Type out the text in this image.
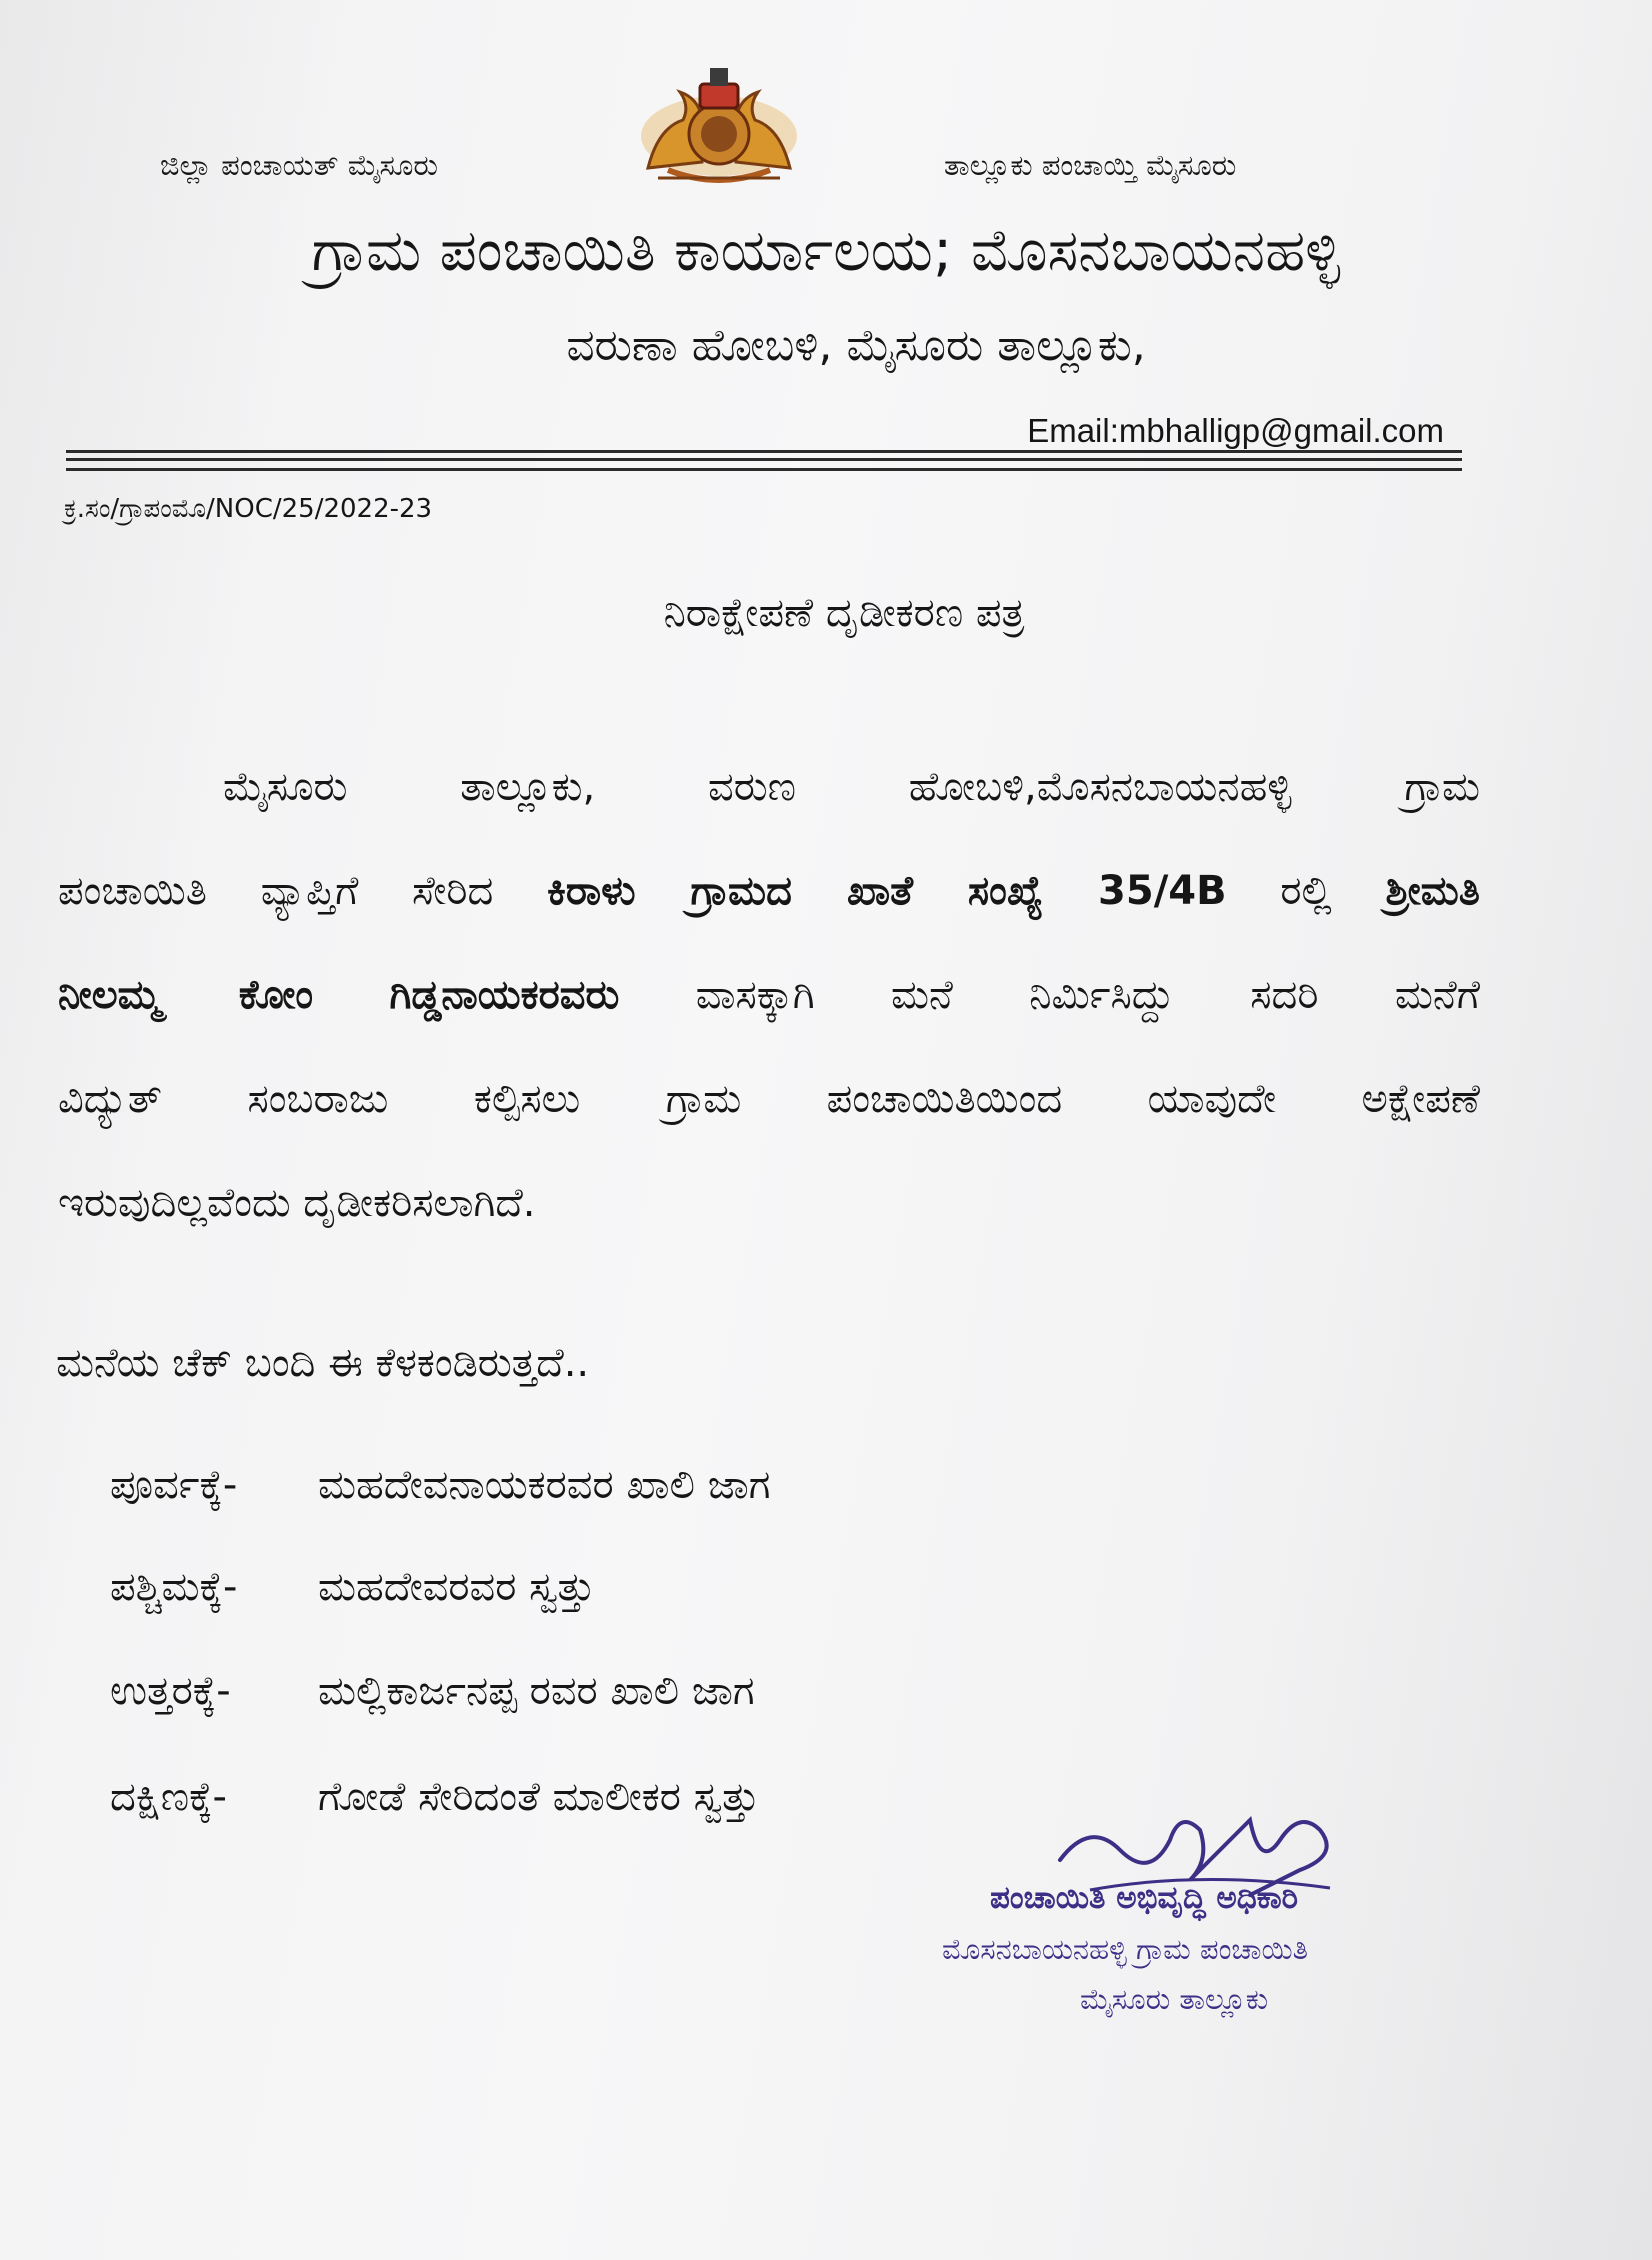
ಜಿಲ್ಲಾ ಪಂಚಾಯತ್ ಮೈಸೂರು	ತಾಲ್ಲೂಕು ಪಂಚಾಯ್ತಿ ಮೈಸೂರು
ಗ್ರಾಮ ಪಂಚಾಯಿತಿ ಕಾರ್ಯಾಲಯ; ಮೊಸನಬಾಯನಹಳ್ಳಿ
ವರುಣಾ ಹೋಬಳಿ, ಮೈಸೂರು ತಾಲ್ಲೂಕು,
Email:mbhalligp@gmail.com
ಕ್ರ.ಸಂ/ಗ್ರಾಪಂಮೊ/NOC/25/2022-23
ನಿರಾಕ್ಷೇಪಣೆ ದೃಡೀಕರಣ ಪತ್ರ
ಮೈಸೂರು ತಾಲ್ಲೂಕು, ವರುಣ ಹೋಬಳಿ,ಮೊಸನಬಾಯನಹಳ್ಳಿ ಗ್ರಾಮ
ಪಂಚಾಯಿತಿ ವ್ಯಾಪ್ತಿಗೆ ಸೇರಿದ ಕಿರಾಳು ಗ್ರಾಮದ ಖಾತೆ ಸಂಖ್ಯೆ 35/4B ರಲ್ಲಿ ಶ್ರೀಮತಿ
ನೀಲಮ್ಮ ಕೋಂ ಗಿಡ್ಡನಾಯಕರವರು ವಾಸಕ್ಕಾಗಿ ಮನೆ ನಿರ್ಮಿಸಿದ್ದು ಸದರಿ ಮನೆಗೆ
ವಿದ್ಯುತ್ ಸಂಬರಾಜು ಕಲ್ಪಿಸಲು ಗ್ರಾಮ ಪಂಚಾಯಿತಿಯಿಂದ ಯಾವುದೇ ಅಕ್ಷೇಪಣೆ
ಇರುವುದಿಲ್ಲವೆಂದು ದೃಡೀಕರಿಸಲಾಗಿದೆ.
ಮನೆಯ ಚೆಕ್ ಬಂದಿ ಈ ಕೆಳಕಂಡಿರುತ್ತದೆ..
ಪೂರ್ವಕ್ಕೆ- ಮಹದೇವನಾಯಕರವರ ಖಾಲಿ ಜಾಗ
ಪಶ್ಚಿಮಕ್ಕೆ- ಮಹದೇವರವರ ಸ್ವತ್ತು
ಉತ್ತರಕ್ಕೆ- ಮಲ್ಲಿಕಾರ್ಜನಪ್ಪ ರವರ ಖಾಲಿ ಜಾಗ
ದಕ್ಷಿಣಕ್ಕೆ- ಗೋಡೆ ಸೇರಿದಂತೆ ಮಾಲೀಕರ ಸ್ವತ್ತು
ಪಂಚಾಯಿತಿ ಅಭಿವೃದ್ಧಿ ಅಧಿಕಾರಿ
ಮೊಸನಬಾಯನಹಳ್ಳಿ ಗ್ರಾಮ ಪಂಚಾಯಿತಿ
ಮೈಸೂರು ತಾಲ್ಲೂಕು
